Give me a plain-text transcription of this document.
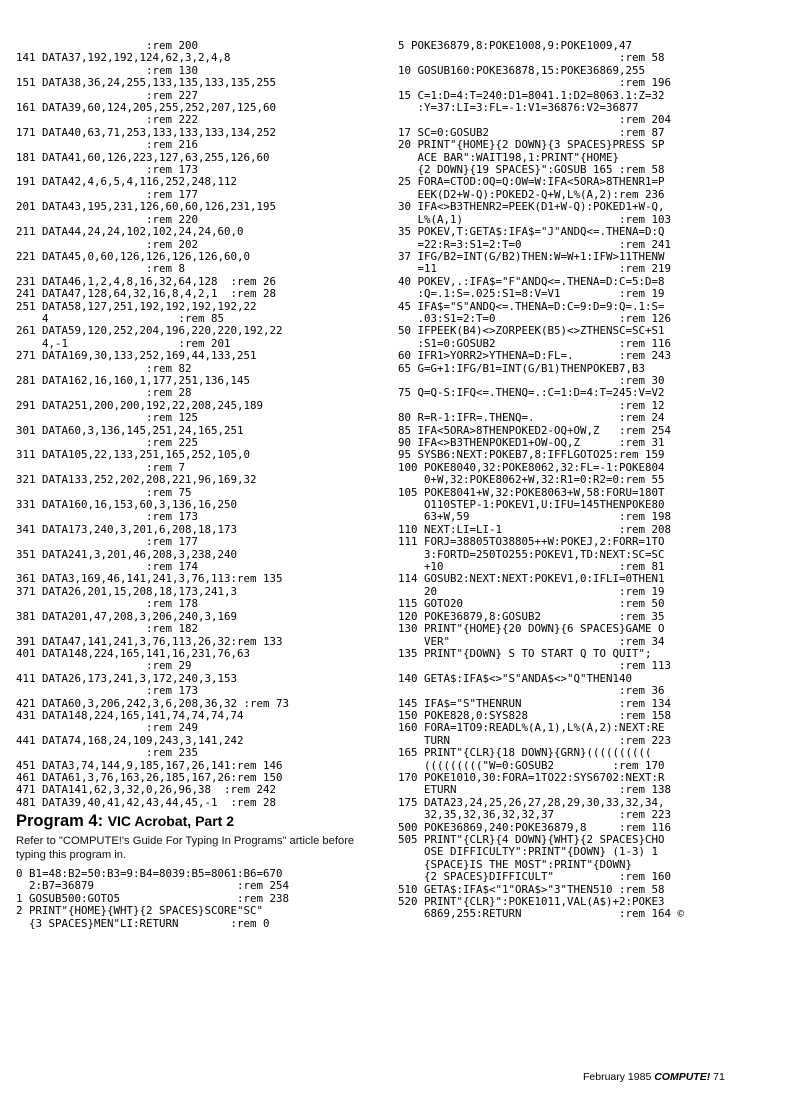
:rem 200
141 DATA37,192,192,124,62,3,2,4,8
:rem 130
151 DATA38,36,24,255,133,135,133,135,255
:rem 227
161 DATA39,60,124,205,255,252,207,125,60
:rem 222
171 DATA40,63,71,253,133,133,133,134,252
:rem 216
181 DATA41,60,126,223,127,63,255,126,60
:rem 173
191 DATA42,4,6,5,4,116,252,248,112
:rem 177
201 DATA43,195,231,126,60,60,126,231,195
:rem 220
211 DATA44,24,24,102,102,24,24,60,0
:rem 202
221 DATA45,0,60,126,126,126,126,60,0
:rem 8
231 DATA46,1,2,4,8,16,32,64,128  :rem 26
241 DATA47,128,64,32,16,8,4,2,1  :rem 28
251 DATA58,127,251,192,192,192,192,22
4                    :rem 85
261 DATA59,120,252,204,196,220,220,192,22
4,-1                 :rem 201
271 DATA169,30,133,252,169,44,133,251
:rem 82
281 DATA162,16,160,1,177,251,136,145
:rem 28
291 DATA251,200,200,192,22,208,245,189
:rem 125
301 DATA60,3,136,145,251,24,165,251
:rem 225
311 DATA105,22,133,251,165,252,105,0
:rem 7
321 DATA133,252,202,208,221,96,169,32
:rem 75
331 DATA160,16,153,60,3,136,16,250
:rem 173
341 DATA173,240,3,201,6,208,18,173
:rem 177
351 DATA241,3,201,46,208,3,238,240
:rem 174
361 DATA3,169,46,141,241,3,76,113:rem 135
371 DATA26,201,15,208,18,173,241,3
:rem 178
381 DATA201,47,208,3,206,240,3,169
:rem 182
391 DATA47,141,241,3,76,113,26,32:rem 133
401 DATA148,224,165,141,16,231,76,63
:rem 29
411 DATA26,173,241,3,172,240,3,153
:rem 173
421 DATA60,3,206,242,3,6,208,36,32 :rem 73
431 DATA148,224,165,141,74,74,74,74
:rem 249
441 DATA74,168,24,109,243,3,141,242
:rem 235
451 DATA3,74,144,9,185,167,26,141:rem 146
461 DATA61,3,76,163,26,185,167,26:rem 150
471 DATA141,62,3,32,0,26,96,38  :rem 242
481 DATA39,40,41,42,43,44,45,-1  :rem 28
Program 4: VIC Acrobat, Part 2
Refer to "COMPUTE!'s Guide For Typing In Programs" article before typing this program in.
0 B1=48:B2=50:B3=9:B4=8039:B5=8061:B6=670
2:B7=36879                      :rem 254
1 GOSUB500:GOTO5                  :rem 238
2 PRINT"{HOME}{WHT}{2 SPACES}SCORE"SC"
{3 SPACES}MEN"LI:RETURN        :rem 0
5 POKE36879,8:POKE1008,9:POKE1009,47
:rem 58
10 GOSUB160:POKE36878,15:POKE36869,255
:rem 196
15 C=1:D=4:T=240:D1=8041.1:D2=8063.1:Z=32
:Y=37:LI=3:FL=-1:V1=36876:V2=36877
:rem 204
17 SC=0:GOSUB2                    :rem 87
20 PRINT"{HOME}{2 DOWN}{3 SPACES}PRESS SP
ACE BAR":WAIT198,1:PRINT"{HOME}
{2 DOWN}{19 SPACES}":GOSUB 165 :rem 58
25 FORA=CTOD:OQ=Q:OW=W:IFA<5ORA>8THENR1=P
EEK(D2+W-Q):POKED2-Q+W,L%(A,2):rem 236
30 IFA<>B3THENR2=PEEK(D1+W-Q):POKED1+W-Q,
L%(A,1)                        :rem 103
35 POKEV,T:GETA$:IFA$="J"ANDQ<=.THENA=D:Q
=22:R=3:S1=2:T=0               :rem 241
37 IFG/B2=INT(G/B2)THEN:W=W+1:IFW>11THENW
=11                            :rem 219
40 POKEV,.:IFA$="F"ANDQ<=.THENA=D:C=5:D=8
:Q=.1:S=.025:S1=8:V=V1         :rem 19
45 IFA$="S"ANDQ<=.THENA=D:C=9:D=9:Q=.1:S=
.03:S1=2:T=0                   :rem 126
50 IFPEEK(B4)<>ZORPEEK(B5)<>ZTHENSC=SC+S1
:S1=0:GOSUB2                   :rem 116
60 IFR1>YORR2>YTHENA=D:FL=.       :rem 243
65 G=G+1:IFG/B1=INT(G/B1)THENPOKEB7,B3
:rem 30
75 Q=Q-S:IFQ<=.THENQ=.:C=1:D=4:T=245:V=V2
:rem 12
80 R=R-1:IFR=.THENQ=.             :rem 24
85 IFA<5ORA>8THENPOKED2-OQ+OW,Z   :rem 254
90 IFA<>B3THENPOKED1+OW-OQ,Z      :rem 31
95 SYSB6:NEXT:POKEB7,8:IFFLGOTO25:rem 159
100 POKE8040,32:POKE8062,32:FL=-1:POKE804
0+W,32:POKE8062+W,32:R1=0:R2=0:rem 55
105 POKE8041+W,32:POKE8063+W,58:FORU=180T
O110STEP-1:POKEV1,U:IFU=145THENPOKE80
63+W,59                       :rem 198
110 NEXT:LI=LI-1                  :rem 208
111 FORJ=38805TO38805++W:POKEJ,2:FORR=1TO
3:FORTD=250TO255:POKEV1,TD:NEXT:SC=SC
+10                           :rem 81
114 GOSUB2:NEXT:NEXT:POKEV1,0:IFLI=0THEN1
20                            :rem 19
115 GOTO20                        :rem 50
120 POKE36879,8:GOSUB2            :rem 35
130 PRINT"{HOME}{20 DOWN}{6 SPACES}GAME O
VER"                          :rem 34
135 PRINT"{DOWN} S TO START Q TO QUIT";
:rem 113
140 GETA$:IFA$<>"S"ANDA$<>"Q"THEN140
:rem 36
145 IFA$="S"THENRUN               :rem 134
150 POKE828,0:SYS828              :rem 158
160 FORA=1TO9:READL%(A,1),L%(A,2):NEXT:RE
TURN                          :rem 223
165 PRINT"{CLR}{18 DOWN}{GRN}((((((((((
((((((((("W=0:GOSUB2         :rem 170
170 POKE1010,30:FORA=1TO22:SYS6702:NEXT:R
ETURN                         :rem 138
175 DATA23,24,25,26,27,28,29,30,33,32,34,
32,35,32,36,32,32,37          :rem 223
500 POKE36869,240:POKE36879,8     :rem 116
505 PRINT"{CLR}{4 DOWN}{WHT}{2 SPACES}CHO
OSE DIFFICULTY":PRINT"{DOWN} (1-3) 1
{SPACE}IS THE MOST":PRINT"{DOWN}
{2 SPACES}DIFFICULT"          :rem 160
510 GETA$:IFA$<"1"ORA$>"3"THEN510 :rem 58
520 PRINT"{CLR}":POKE1011,VAL(A$)+2:POKE3
6869,255:RETURN               :rem 164 ©
February 1985 COMPUTE! 71
